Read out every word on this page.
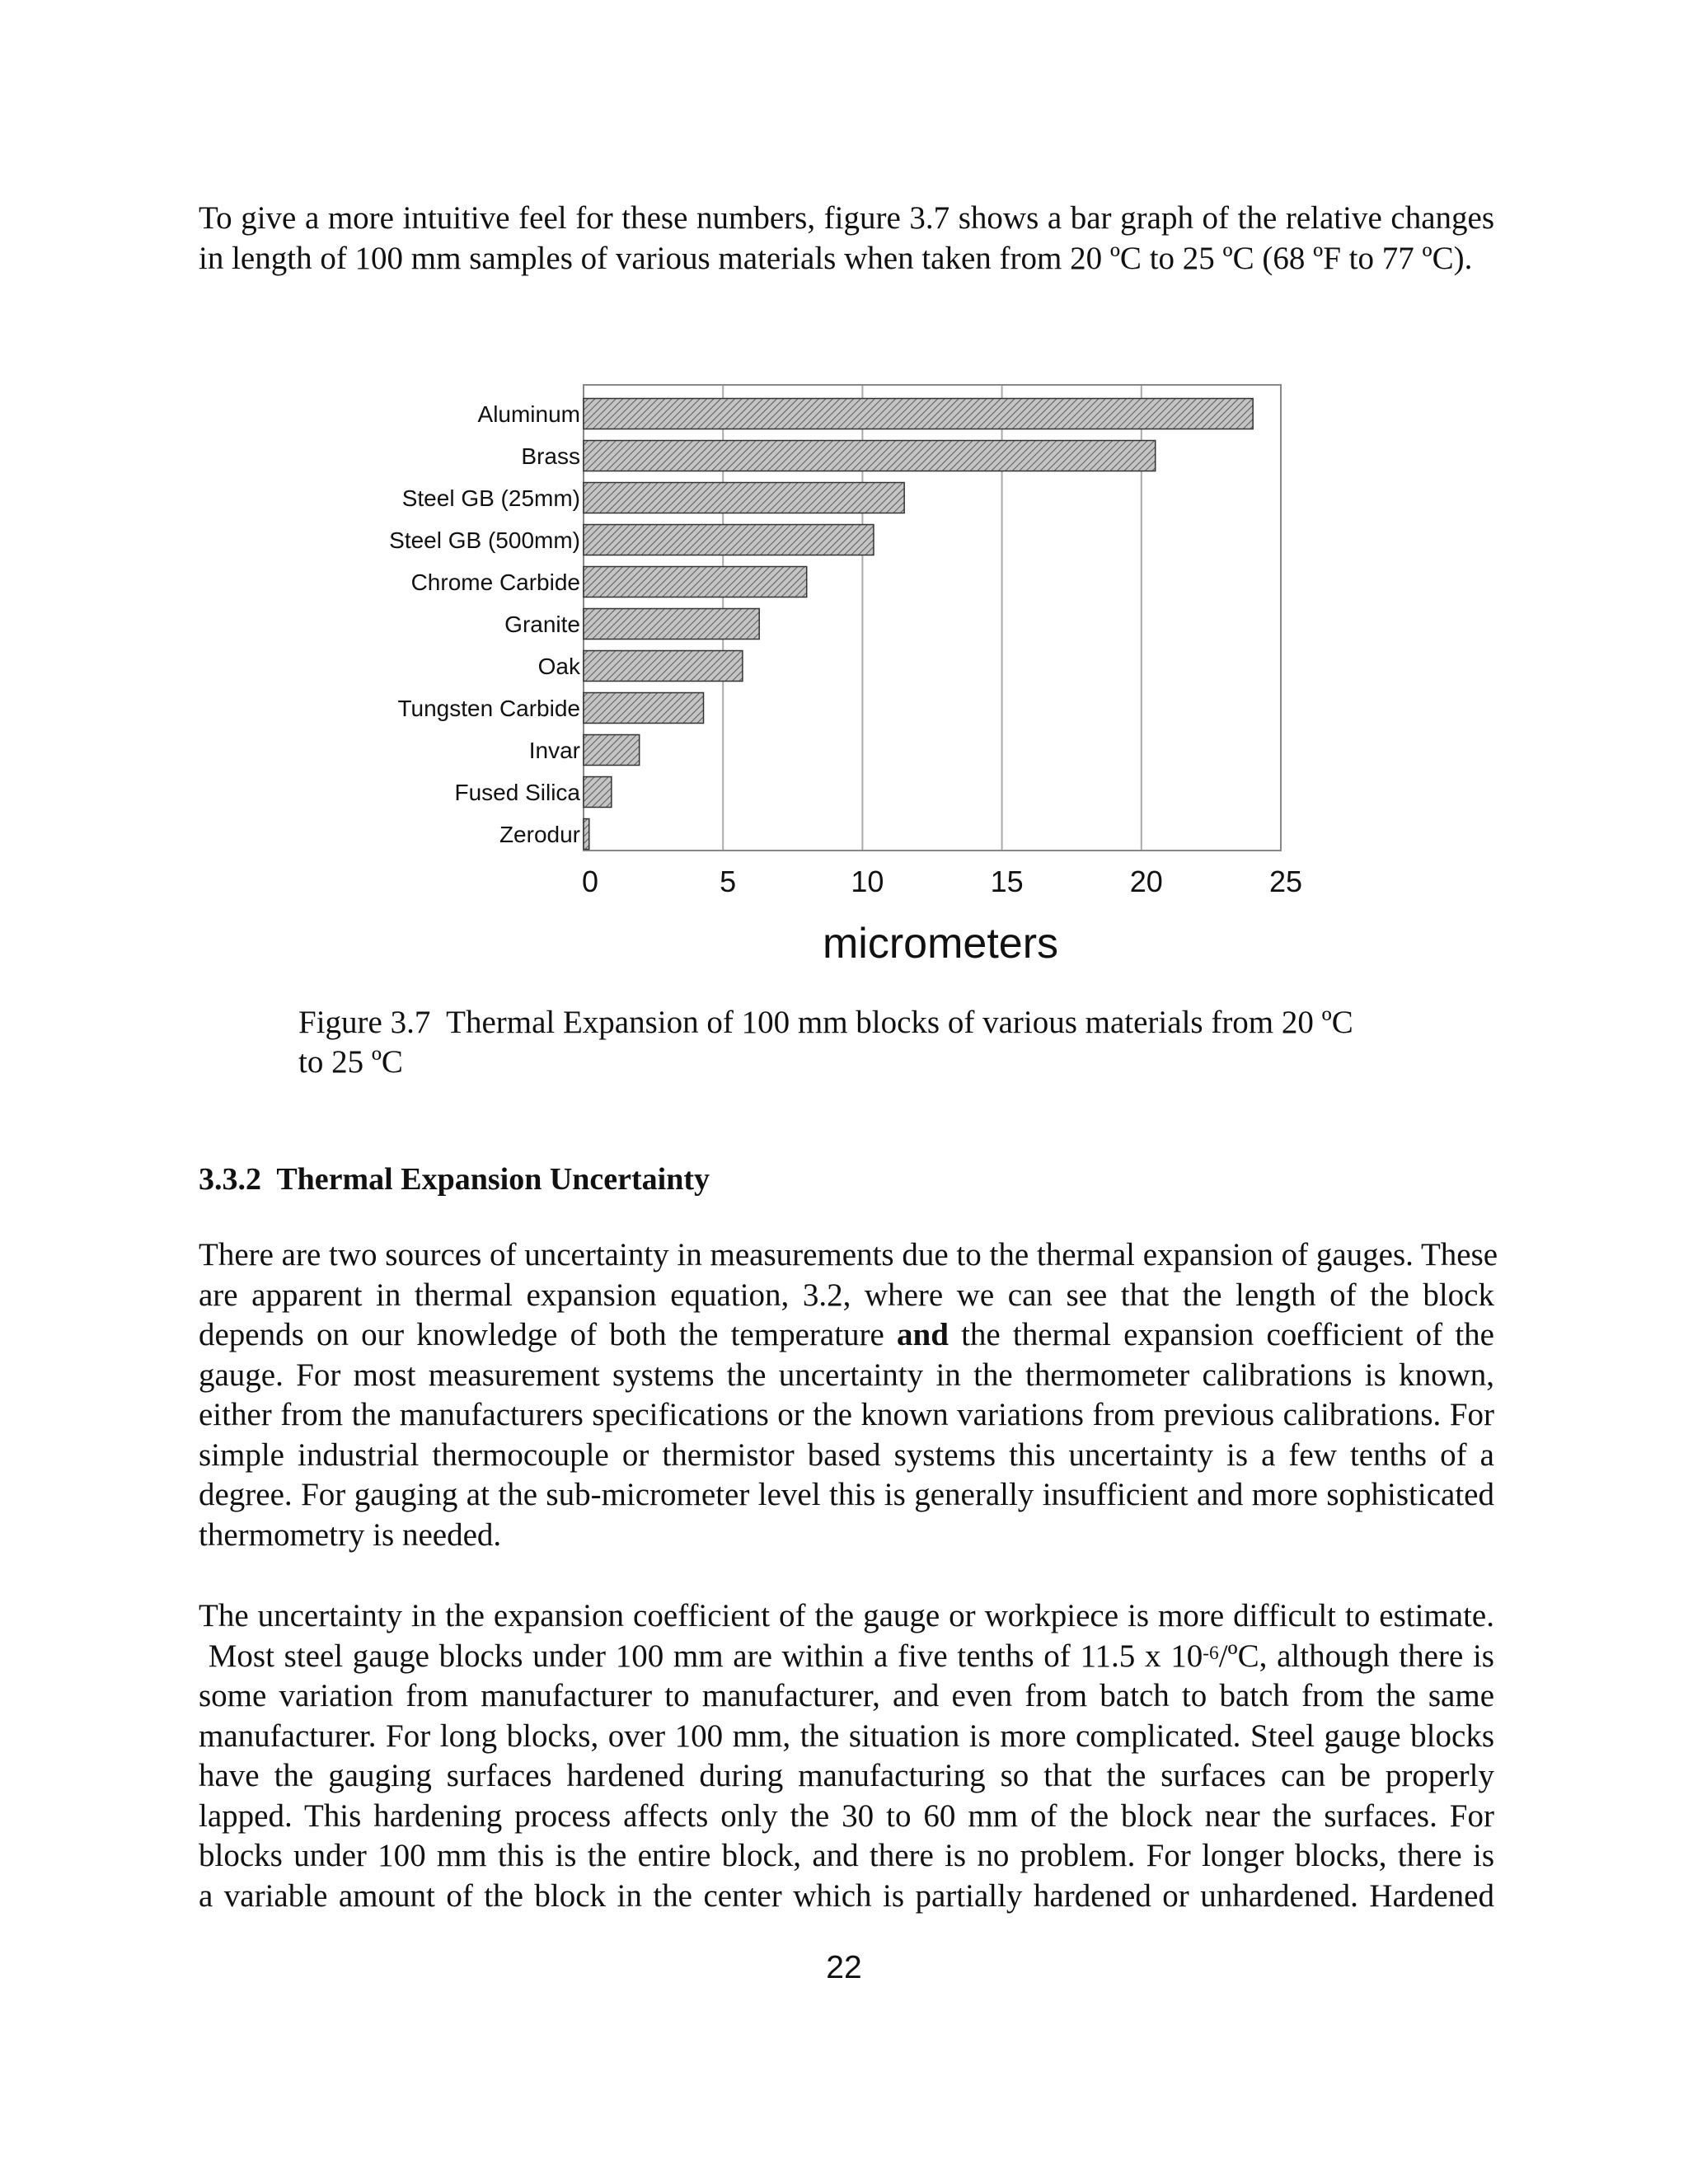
To give a more intuitive feel for these numbers, figure 3.7 shows a bar graph of the relative changes
in length of 100 mm samples of various materials when taken from 20 ºC to 25 ºC (68 ºF to 77 ºC).
Aluminum
Brass
Steel GB (25mm)
Steel GB (500mm)
Chrome Carbide
Granite
Oak
Tungsten Carbide
Invar
Fused Silica
Zerodur
0	5	10	15	20	25
micrometers
Figure 3.7  Thermal Expansion of 100 mm blocks of various materials from 20 ºC
to 25 ºC
3.3.2  Thermal Expansion Uncertainty
There are two sources of uncertainty in measurements due to the thermal expansion of gauges. These
are apparent in thermal expansion equation, 3.2, where we can see that the length of the block
depends on our knowledge of both the temperature and the thermal expansion coefficient of the
gauge. For most measurement systems the uncertainty in the thermometer calibrations is known,
either from the manufacturers specifications or the known variations from previous calibrations. For
simple industrial thermocouple or thermistor based systems this uncertainty is a few tenths of a
degree. For gauging at the sub-micrometer level this is generally insufficient and more sophisticated
thermometry is needed.
The uncertainty in the expansion coefficient of the gauge or workpiece is more difficult to estimate.
Most steel gauge blocks under 100 mm are within a five tenths of 11.5 x $10^{-6}/ºC$, although there is
some variation from manufacturer to manufacturer, and even from batch to batch from the same
manufacturer. For long blocks, over 100 mm, the situation is more complicated. Steel gauge blocks
have the gauging surfaces hardened during manufacturing so that the surfaces can be properly
lapped. This hardening process affects only the 30 to 60 mm of the block near the surfaces. For
blocks under 100 mm this is the entire block, and there is no problem. For longer blocks, there is
a variable amount of the block in the center which is partially hardened or unhardened. Hardened
22
